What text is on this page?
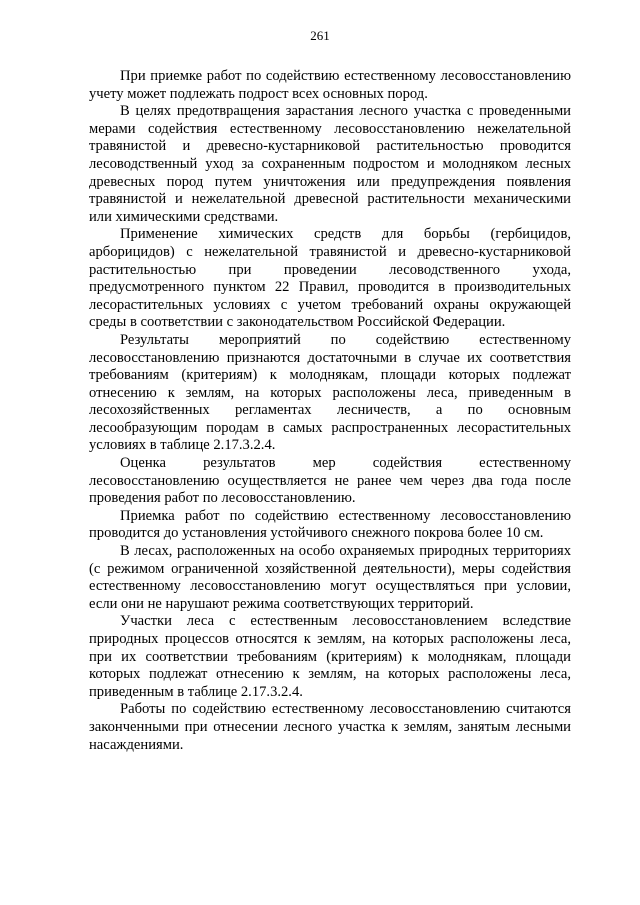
261

При приемке работ по содействию естественному лесовосстановлению учету может подлежать подрост всех основных пород.

В целях предотвращения зарастания лесного участка с проведенными мерами содействия естественному лесовосстановлению нежелательной травянистой и древесно-кустарниковой растительностью проводится лесоводственный уход за сохраненным подростом и молодняком лесных древесных пород путем уничтожения или предупреждения появления травянистой и нежелательной древесной растительности механическими или химическими средствами.

Применение химических средств для борьбы (гербицидов, арборицидов) с нежелательной травянистой и древесно-кустарниковой растительностью при проведении лесоводственного ухода, предусмотренного пунктом 22 Правил, проводится в производительных лесорастительных условиях с учетом требований охраны окружающей среды в соответствии с законодательством Российской Федерации.

Результаты мероприятий по содействию естественному лесовосстановлению признаются достаточными в случае их соответствия требованиям (критериям) к молоднякам, площади которых подлежат отнесению к землям, на которых расположены леса, приведенным в лесохозяйственных регламентах лесничеств, а по основным лесообразующим породам в самых распространенных лесорастительных условиях в таблице 2.17.3.2.4.

Оценка результатов мер содействия естественному лесовосстановлению осуществляется не ранее чем через два года после проведения работ по лесовосстановлению.

Приемка работ по содействию естественному лесовосстановлению проводится до установления устойчивого снежного покрова более 10 см.

В лесах, расположенных на особо охраняемых природных территориях (с режимом ограниченной хозяйственной деятельности), меры содействия естественному лесовосстановлению могут осуществляться при условии, если они не нарушают режима соответствующих территорий.

Участки леса с естественным лесовосстановлением вследствие природных процессов относятся к землям, на которых расположены леса, при их соответствии требованиям (критериям) к молоднякам, площади которых подлежат отнесению к землям, на которых расположены леса, приведенным в таблице 2.17.3.2.4.

Работы по содействию естественному лесовосстановлению считаются законченными при отнесении лесного участка к землям, занятым лесными насаждениями.
